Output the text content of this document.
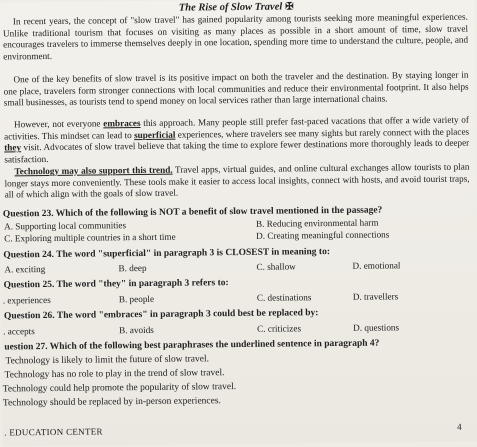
The Rise of Slow Travel ✠
In recent years, the concept of "slow travel" has gained popularity among tourists seeking more meaningful experiences. Unlike traditional tourism that focuses on visiting as many places as possible in a short amount of time, slow travel encourages travelers to immerse themselves deeply in one location, spending more time to understand the culture, people, and environment.
One of the key benefits of slow travel is its positive impact on both the traveler and the destination. By staying longer in one place, travelers form stronger connections with local communities and reduce their environmental footprint. It also helps small businesses, as tourists tend to spend money on local services rather than large international chains.
However, not everyone embraces this approach. Many people still prefer fast-paced vacations that offer a wide variety of activities. This mindset can lead to superficial experiences, where travelers see many sights but rarely connect with the places they visit. Advocates of slow travel believe that taking the time to explore fewer destinations more thoroughly leads to deeper satisfaction.
Technology may also support this trend. Travel apps, virtual guides, and online cultural exchanges allow tourists to plan longer stays more conveniently. These tools make it easier to access local insights, connect with hosts, and avoid tourist traps, all of which align with the goals of slow travel.
Question 23. Which of the following is NOT a benefit of slow travel mentioned in the passage?
A. Supporting local communities	B. Reducing environmental harm
C. Exploring multiple countries in a short time	D. Creating meaningful connections
Question 24. The word "superficial" in paragraph 3 is CLOSEST in meaning to:
A. exciting	B. deep	C. shallow	D. emotional
Question 25. The word "they" in paragraph 3 refers to:
. experiences	B. people	C. destinations	D. travellers
Question 26. The word "embraces" in paragraph 3 could best be replaced by:
. accepts	B. avoids	C. criticizes	D. questions
uestion 27. Which of the following best paraphrases the underlined sentence in paragraph 4?
Technology is likely to limit the future of slow travel.
Technology has no role to play in the trend of slow travel.
Technology could help promote the popularity of slow travel.
Technology should be replaced by in-person experiences.
. EDUCATION CENTER	4
